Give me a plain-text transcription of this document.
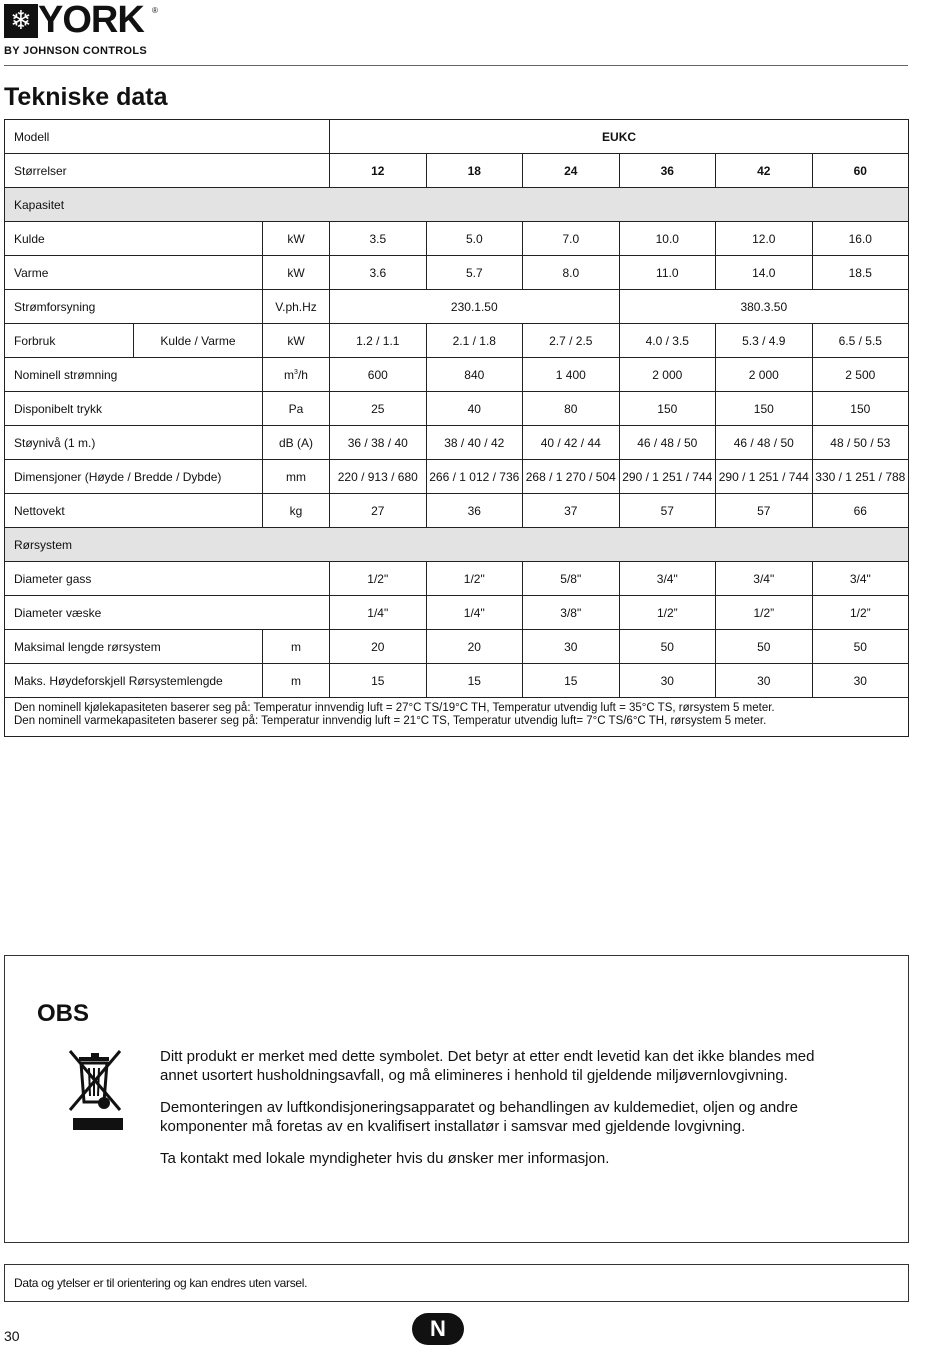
❄ YORK ®
BY JOHNSON CONTROLS
Tekniske data
Modell			EUKC					
Størrelser			12	18	24	36	42	60
Kapasitet								
Kulde		kW	3.5	5.0	7.0	10.0	12.0	16.0
Varme		kW	3.6	5.7	8.0	11.0	14.0	18.5
Strømforsyning		V.ph.Hz	230.1.50			380.3.50		
Forbruk	Kulde / Varme	kW	1.2 / 1.1	2.1 / 1.8	2.7 / 2.5	4.0 / 3.5	5.3 / 4.9	6.5 / 5.5
Nominell strømning		$m^3/h$	600	840	1 400	2 000	2 000	2 500
Disponibelt trykk		Pa	25	40	80	150	150	150
Støynivå (1 m.)		dB (A)	36 / 38 / 40	38 / 40 / 42	40 / 42 / 44	46 / 48 / 50	46 / 48 / 50	48 / 50 / 53
Dimensjoner (Høyde / Bredde / Dybde)		mm	220 / 913 / 680	266 / 1 012 / 736	268 / 1 270 / 504	290 / 1 251 / 744	290 / 1 251 / 744	330 / 1 251 / 788
Nettovekt		kg	27	36	37	57	57	66
Rørsystem								
Diameter gass			1/2"	1/2"	5/8"	3/4"	3/4"	3/4"
Diameter væske			1/4"	1/4"	3/8"	1/2”	1/2”	1/2”
Maksimal lengde rørsystem		m	20	20	30	50	50	50
Maks. Høydeforskjell Rørsystemlengde		m	15	15	15	30	30	30

Den nominell kjølekapasiteten baserer seg på: Temperatur innvendig luft = 27°C TS/19°C TH, Temperatur utvendig luft = 35°C TS, rørsystem 5 meter.
Den nominell varmekapasiteten baserer seg på: Temperatur innvendig luft = 21°C TS, Temperatur utvendig luft= 7°C TS/6°C TH, rørsystem 5 meter.								
OBS

Ditt produkt er merket med dette symbolet. Det betyr at etter endt levetid kan det ikke blandes med annet usortert husholdningsavfall, og må elimineres i henhold til gjeldende miljøvernlovgivning.

Demonteringen av luftkondisjoneringsapparatet og behandlingen av kuldemediet, oljen og andre komponenter må foretas av en kvalifisert installatør i samsvar med gjeldende lovgivning.

Ta kontakt med lokale myndigheter hvis du ønsker mer informasjon.

Data og ytelser er til orientering og kan endres uten varsel.
30	N
